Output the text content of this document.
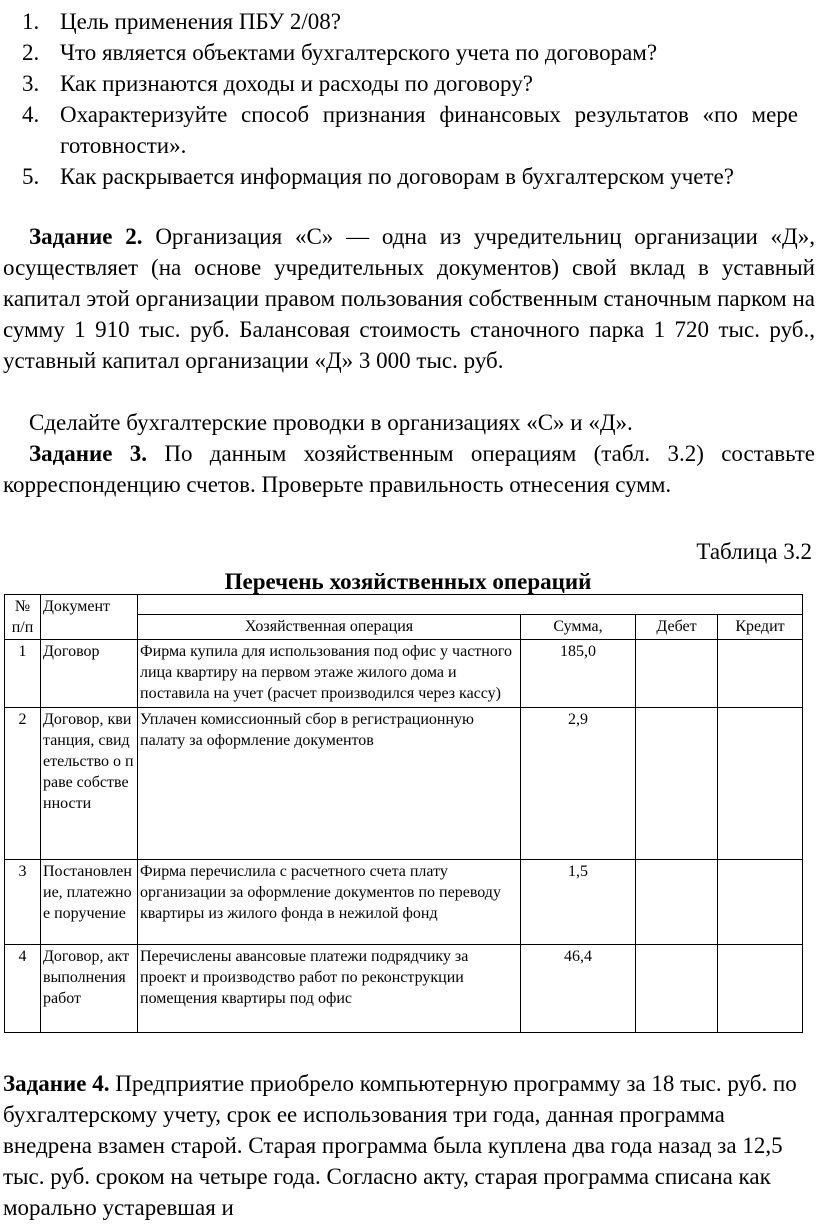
1. Цель применения ПБУ 2/08?
2. Что является объектами бухгалтерского учета по договорам?
3. Как признаются доходы и расходы по договору?
4. Охарактеризуйте способ признания финансовых результатов «по мере готовности».
5. Как раскрывается информация по договорам в бухгалтерском учете?

Задание 2. Организация «С» — одна из учредительниц организации «Д», осуществляет (на основе учредительных документов) свой вклад в уставный капитал этой организации правом пользования собственным станочным парком на сумму 1 910 тыс. руб. Балансовая стоимость станочного парка 1 720 тыс. руб., уставный капитал организации «Д» 3 000 тыс. руб.

Сделайте бухгалтерские проводки в организациях «С» и «Д».

Задание 3. По данным хозяйственным операциям (табл. 3.2) составьте корреспонденцию счетов. Проверьте правильность отнесения сумм.

Таблица 3.2
Перечень хозяйственных операций
№ п/п	Документ				
		Хозяйственная операция	Сумма,	Дебет	Кредит
1	Договор	Фирма купила для использования под офис у частного лица квартиру на первом этаже жилого дома и поставила на учет (расчет производился через кассу)	185,0		
2	Договор, квитанция, свидетельство о праве собственности	Уплачен комиссионный сбор в регистрационную палату за оформление документов	2,9		
3	Постановление, платежное поручение	Фирма перечислила с расчетного счета плату организации за оформление документов по переводу квартиры из жилого фонда в нежилой фонд	1,5		
4	Договор, акт выполнения работ	Перечислены авансовые платежи подрядчику за проект и производство работ по реконструкции помещения квартиры под офис	46,4		

Задание 4. Предприятие приобрело компьютерную программу за 18 тыс. руб. по бухгалтерскому учету, срок ее использования три года, данная программа внедрена взамен старой. Старая программа была куплена два года назад за 12,5 тыс. руб. сроком на четыре года. Согласно акту, старая программа списана как морально устаревшая и
